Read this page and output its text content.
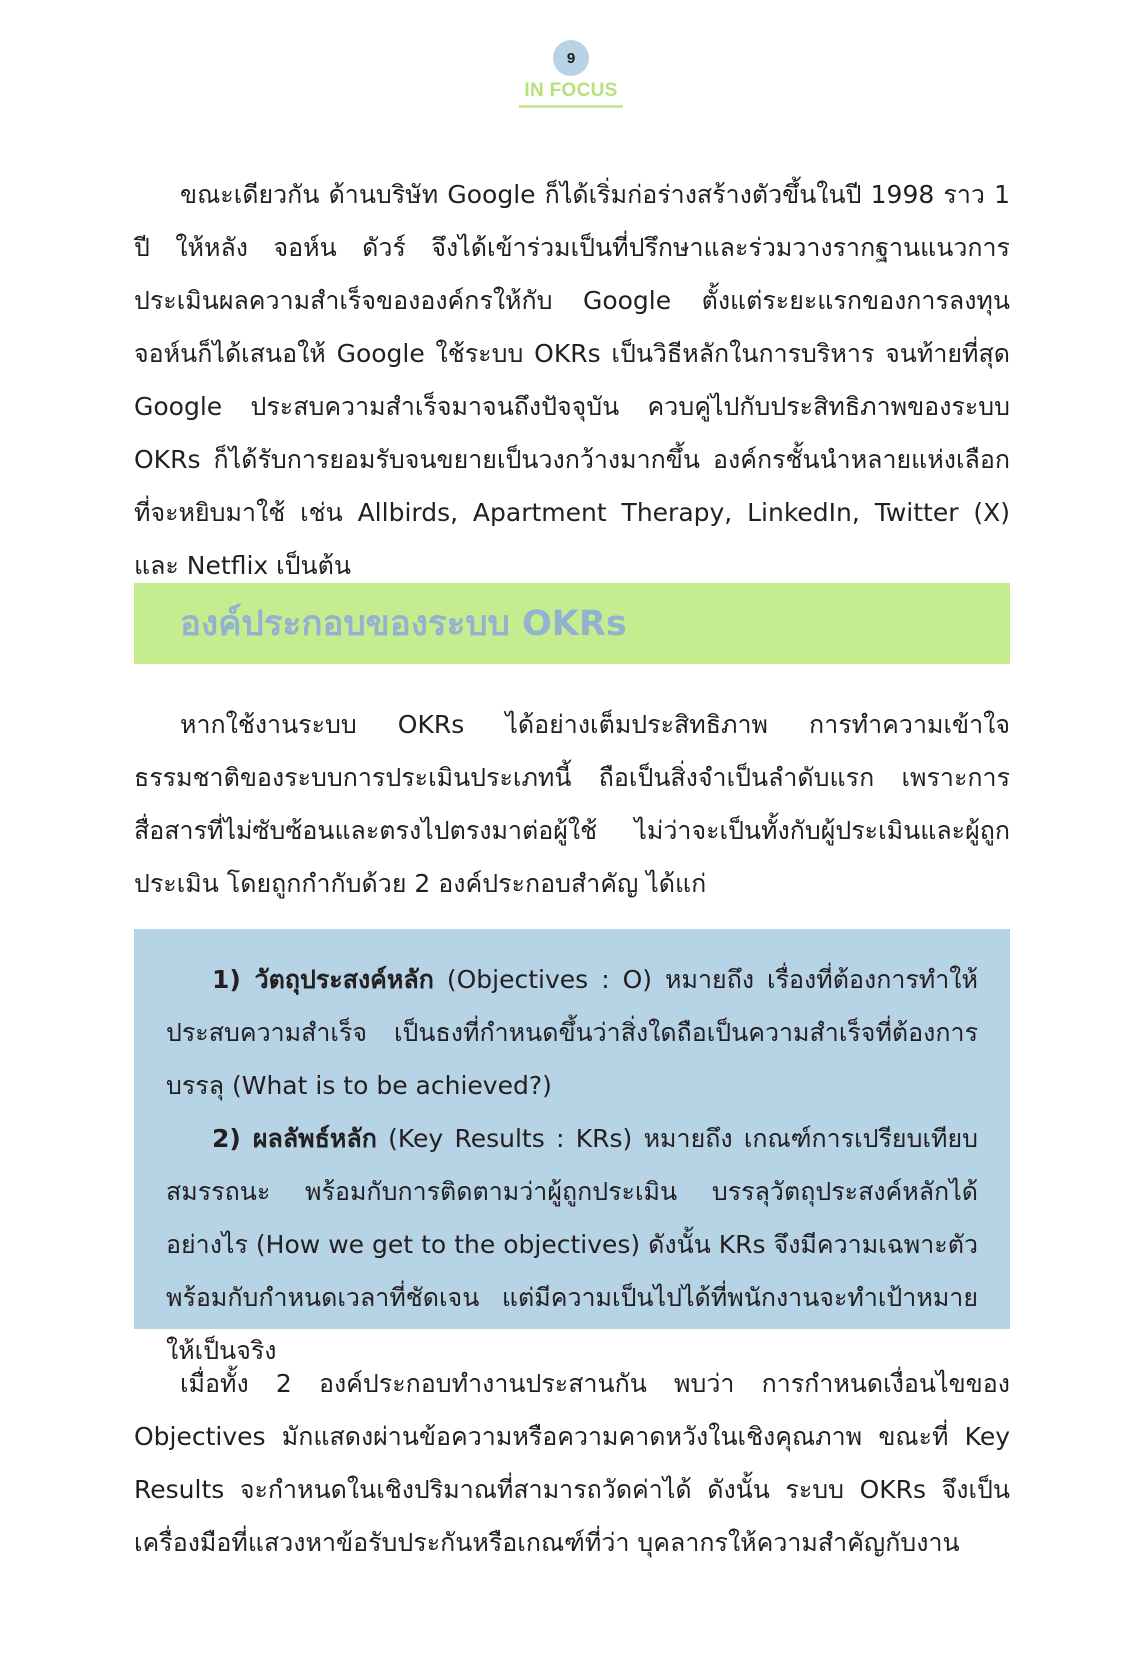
9
IN FOCUS

ขณะเดียวกัน ด้านบริษัท Google ก็ได้เริ่มก่อร่างสร้างตัวขึ้นในปี 1998 ราว 1 ปี ให้หลัง จอห์น ดัวร์ จึงได้เข้าร่วมเป็นที่ปรึกษาและร่วมวางรากฐานแนวการประเมินผลความสำเร็จขององค์กรให้กับ Google ตั้งแต่ระยะแรกของการลงทุน จอห์นก็ได้เสนอให้ Google ใช้ระบบ OKRs เป็นวิธีหลักในการบริหาร จนท้ายที่สุด Google ประสบความสำเร็จมาจนถึงปัจจุบัน ควบคู่ไปกับประสิทธิภาพของระบบ OKRs ก็ได้รับการยอมรับจนขยายเป็นวงกว้างมากขึ้น องค์กรชั้นนำหลายแห่งเลือกที่จะหยิบมาใช้ เช่น Allbirds, Apartment Therapy, LinkedIn, Twitter (X) และ Netflix เป็นต้น

องค์ประกอบของระบบ OKRs

หากใช้งานระบบ OKRs ได้อย่างเต็มประสิทธิภาพ การทำความเข้าใจธรรมชาติของระบบการประเมินประเภทนี้ ถือเป็นสิ่งจำเป็นลำดับแรก เพราะการสื่อสารที่ไม่ซับซ้อนและตรงไปตรงมาต่อผู้ใช้ ไม่ว่าจะเป็นทั้งกับผู้ประเมินและผู้ถูกประเมิน โดยถูกกำกับด้วย 2 องค์ประกอบสำคัญ ได้แก่

1) วัตถุประสงค์หลัก (Objectives : O) หมายถึง เรื่องที่ต้องการทำให้ประสบความสำเร็จ เป็นธงที่กำหนดขึ้นว่าสิ่งใดถือเป็นความสำเร็จที่ต้องการบรรลุ (What is to be achieved?)

2) ผลลัพธ์หลัก (Key Results : KRs) หมายถึง เกณฑ์การเปรียบเทียบสมรรถนะ พร้อมกับการติดตามว่าผู้ถูกประเมิน บรรลุวัตถุประสงค์หลักได้อย่างไร (How we get to the objectives) ดังนั้น KRs จึงมีความเฉพาะตัว พร้อมกับกำหนดเวลาที่ชัดเจน แต่มีความเป็นไปได้ที่พนักงานจะทำเป้าหมายให้เป็นจริง

เมื่อทั้ง 2 องค์ประกอบทำงานประสานกัน พบว่า การกำหนดเงื่อนไขของ Objectives มักแสดงผ่านข้อความหรือความคาดหวังในเชิงคุณภาพ ขณะที่ Key Results จะกำหนดในเชิงปริมาณที่สามารถวัดค่าได้ ดังนั้น ระบบ OKRs จึงเป็นเครื่องมือที่แสวงหาข้อรับประกันหรือเกณฑ์ที่ว่า บุคลากรให้ความสำคัญกับงาน
